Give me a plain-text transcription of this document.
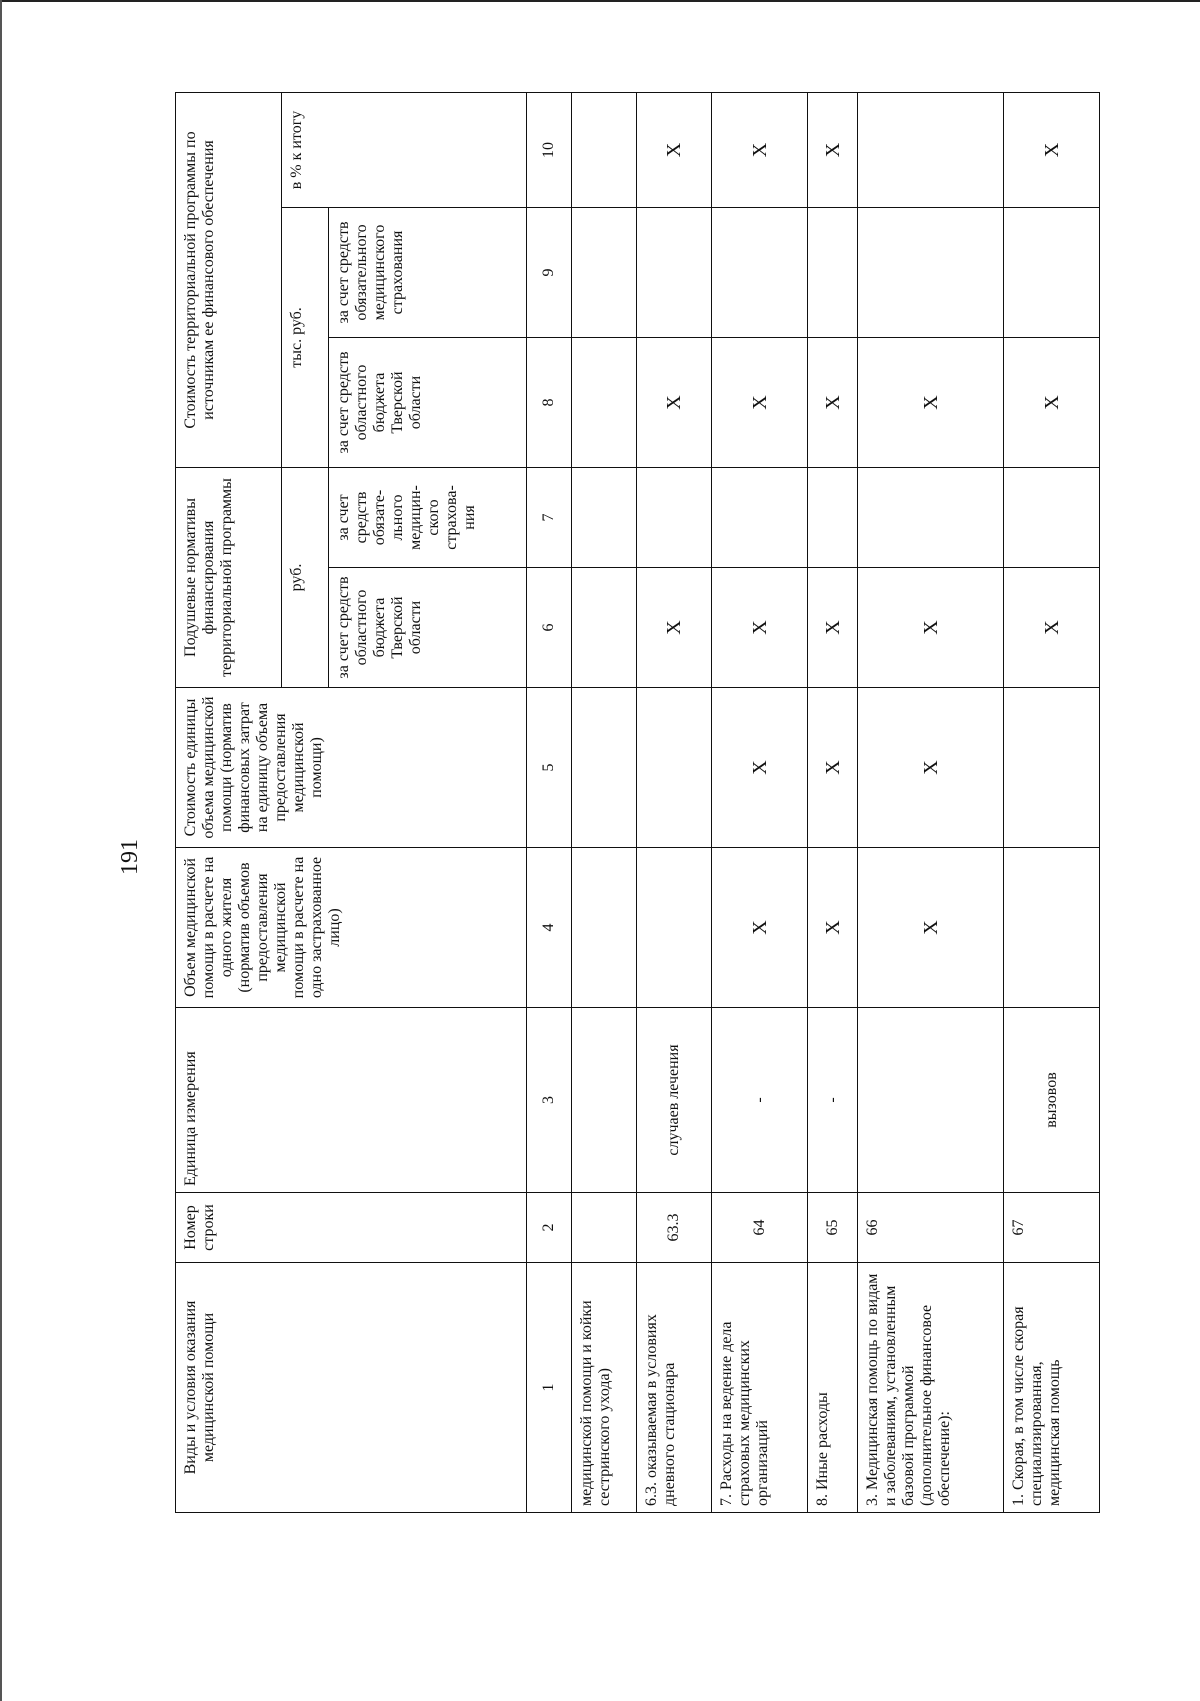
191
Виды и условия оказания медицинской помощи	Номер строки	Единица измерения	Объем медицинской помощи в расчете на одного жителя (норматив объемов предоставления медицинской помощи в расчете на одно застрахованное лицо)	Стоимость единицы объема медицинской помощи (норматив финансовых затрат на единицу объема предоставления медицинской помощи)	Подушевые нормативы финансирования территориальной программы		Стоимость территориальной программы по источникам ее финансового обеспечения		
					руб.		тыс. руб.		в % к итогу
					за счет средств областного бюджета Тверской области	за счет средств обязате-льного медицин-ского страхова-ния	за счет средств областного бюджета Тверской области	за счет средств обязательного медицинского страхования	
1	2	3	4	5	6	7	8	9	10
медицинской помощи и койки сестринского ухода)									
6.3. оказываемая в условиях дневного стационара	63.3	случаев лечения			X		X		X
7. Расходы на ведение дела страховых медицинских организаций	64	-	X	X	X		X		X
8. Иные расходы	65	-	X	X	X		X		X
3. Медицинская помощь по видам и заболеваниям, установленным базовой программой (дополнительное финансовое обеспечение):	66		X	X	X		X		
1. Скорая, в том числе скорая специализированная, медицинская помощь	67	вызовов			X		X		X
